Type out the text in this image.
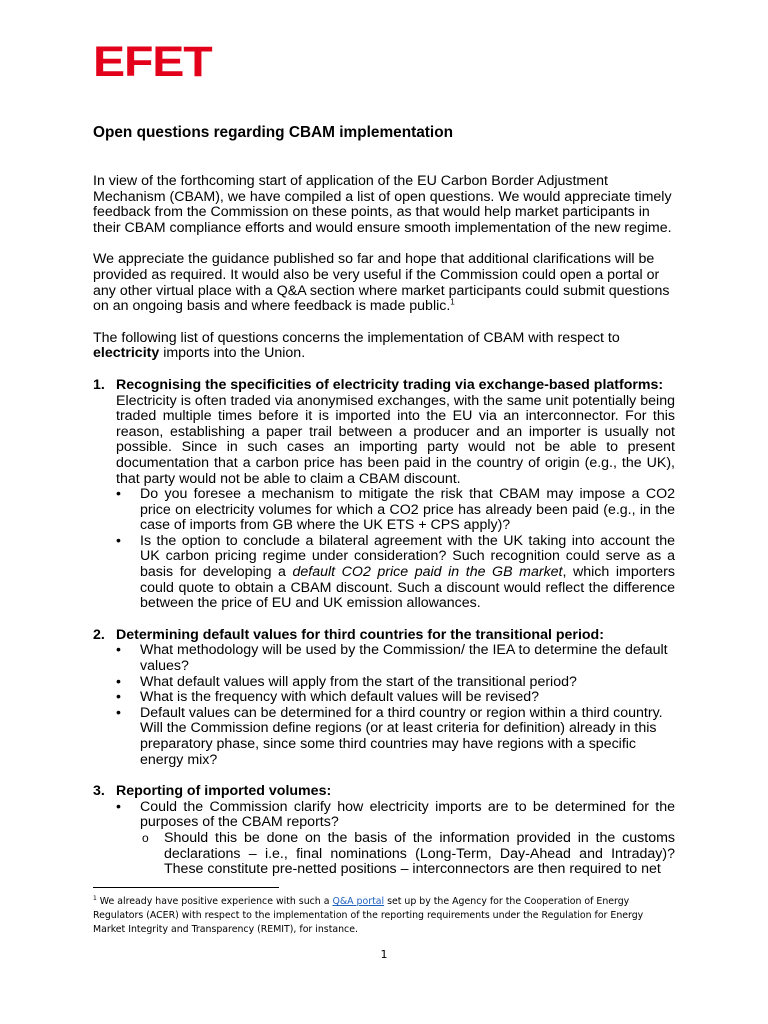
EFET
Open questions regarding CBAM implementation

In view of the forthcoming start of application of the EU Carbon Border Adjustment Mechanism (CBAM), we have compiled a list of open questions. We would appreciate timely feedback from the Commission on these points, as that would help market participants in their CBAM compliance efforts and would ensure smooth implementation of the new regime.

We appreciate the guidance published so far and hope that additional clarifications will be provided as required. It would also be very useful if the Commission could open a portal or any other virtual place with a Q&A section where market participants could submit questions on an ongoing basis and where feedback is made public.$^1$

The following list of questions concerns the implementation of CBAM with respect to electricity imports into the Union.

1. Recognising the specificities of electricity trading via exchange-based platforms:
Electricity is often traded via anonymised exchanges, with the same unit potentially being traded multiple times before it is imported into the EU via an interconnector. For this reason, establishing a paper trail between a producer and an importer is usually not possible. Since in such cases an importing party would not be able to present documentation that a carbon price has been paid in the country of origin (e.g., the UK), that party would not be able to claim a CBAM discount.
•	Do you foresee a mechanism to mitigate the risk that CBAM may impose a CO2 price on electricity volumes for which a CO2 price has already been paid (e.g., in the case of imports from GB where the UK ETS + CPS apply)?
•	Is the option to conclude a bilateral agreement with the UK taking into account the UK carbon pricing regime under consideration? Such recognition could serve as a basis for developing a default CO2 price paid in the GB market, which importers could quote to obtain a CBAM discount. Such a discount would reflect the difference between the price of EU and UK emission allowances.
2. Determining default values for third countries for the transitional period:
•	What methodology will be used by the Commission/ the IEA to determine the default values?
•	What default values will apply from the start of the transitional period?
•	What is the frequency with which default values will be revised?
•	Default values can be determined for a third country or region within a third country. Will the Commission define regions (or at least criteria for definition) already in this preparatory phase, since some third countries may have regions with a specific energy mix?
3. Reporting of imported volumes:
•	Could the Commission clarify how electricity imports are to be determined for the purposes of the CBAM reports?
o Should this be done on the basis of the information provided in the customs declarations – i.e., final nominations (Long-Term, Day-Ahead and Intraday)? These constitute pre-netted positions – interconnectors are then required to net
$^1$ We already have positive experience with such a Q&A portal set up by the Agency for the Cooperation of Energy Regulators (ACER) with respect to the implementation of the reporting requirements under the Regulation for Energy Market Integrity and Transparency (REMIT), for instance.
1
